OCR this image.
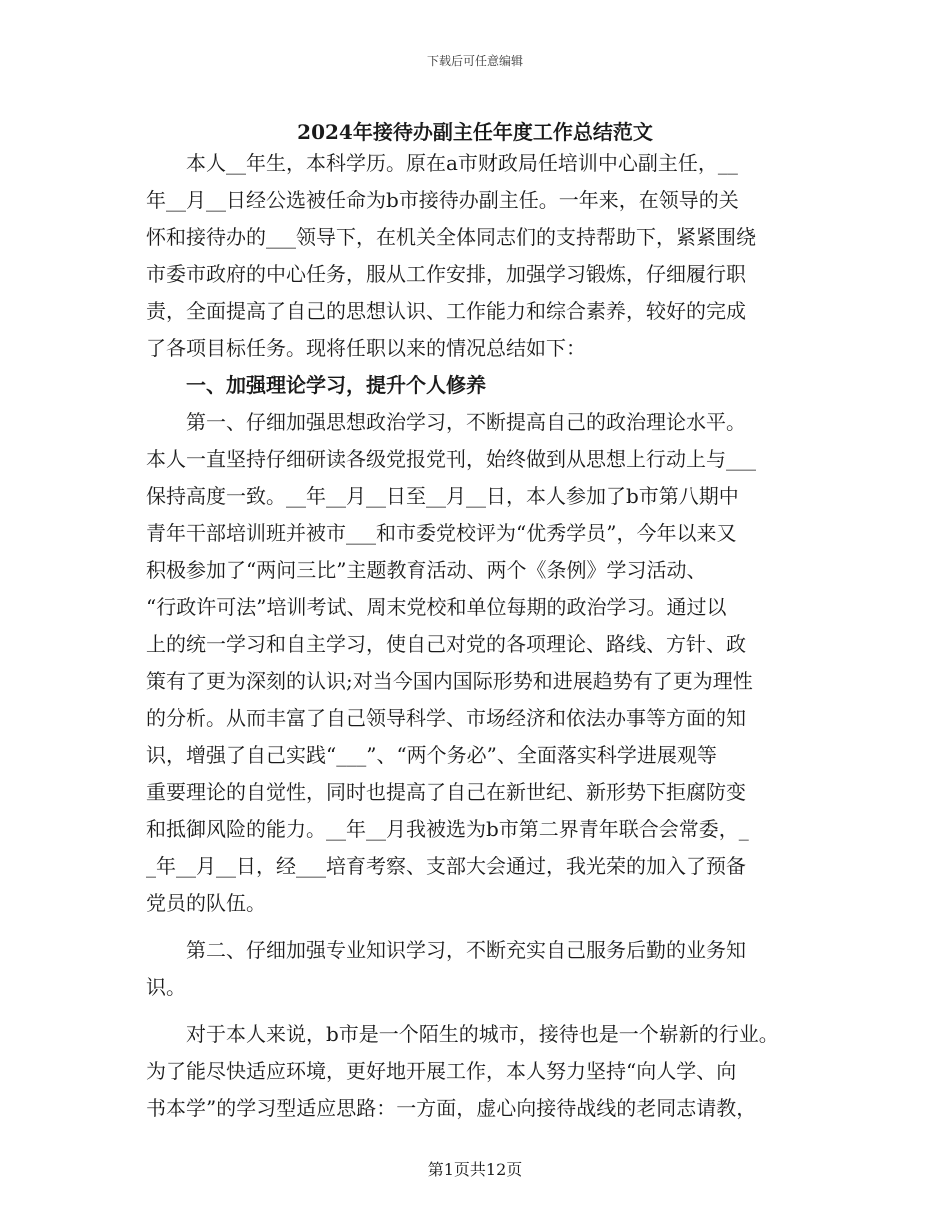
下载后可任意编辑
2024年接待办副主任年度工作总结范文
　　本人__年生，本科学历。原在a市财政局任培训中心副主任，__
年__月__日经公选被任命为b市接待办副主任。一年来，在领导的关
怀和接待办的___领导下，在机关全体同志们的支持帮助下，紧紧围绕
市委市政府的中心任务，服从工作安排，加强学习锻炼，仔细履行职
责，全面提高了自己的思想认识、工作能力和综合素养，较好的完成
了各项目标任务。现将任职以来的情况总结如下：
　　一、加强理论学习，提升个人修养
　　第一、仔细加强思想政治学习，不断提高自己的政治理论水平。
本人一直坚持仔细研读各级党报党刊，始终做到从思想上行动上与___
保持高度一致。__年__月__日至__月__日，本人参加了b市第八期中
青年干部培训班并被市___和市委党校评为“优秀学员”，今年以来又
积极参加了“两问三比”主题教育活动、两个《条例》学习活动、
“行政许可法”培训考试、周末党校和单位每期的政治学习。通过以
上的统一学习和自主学习，使自己对党的各项理论、路线、方针、政
策有了更为深刻的认识;对当今国内国际形势和进展趋势有了更为理性
的分析。从而丰富了自己领导科学、市场经济和依法办事等方面的知
识，增强了自己实践“___”、“两个务必”、全面落实科学进展观等
重要理论的自觉性，同时也提高了自己在新世纪、新形势下拒腐防变
和抵御风险的能力。__年__月我被选为b市第二界青年联合会常委，_
_年__月__日，经___培育考察、支部大会通过，我光荣的加入了预备
党员的队伍。
　　第二、仔细加强专业知识学习，不断充实自己服务后勤的业务知
识。
　　对于本人来说，b市是一个陌生的城市，接待也是一个崭新的行业。
为了能尽快适应环境，更好地开展工作，本人努力坚持“向人学、向
书本学”的学习型适应思路：一方面，虚心向接待战线的老同志请教，
第1页共12页
